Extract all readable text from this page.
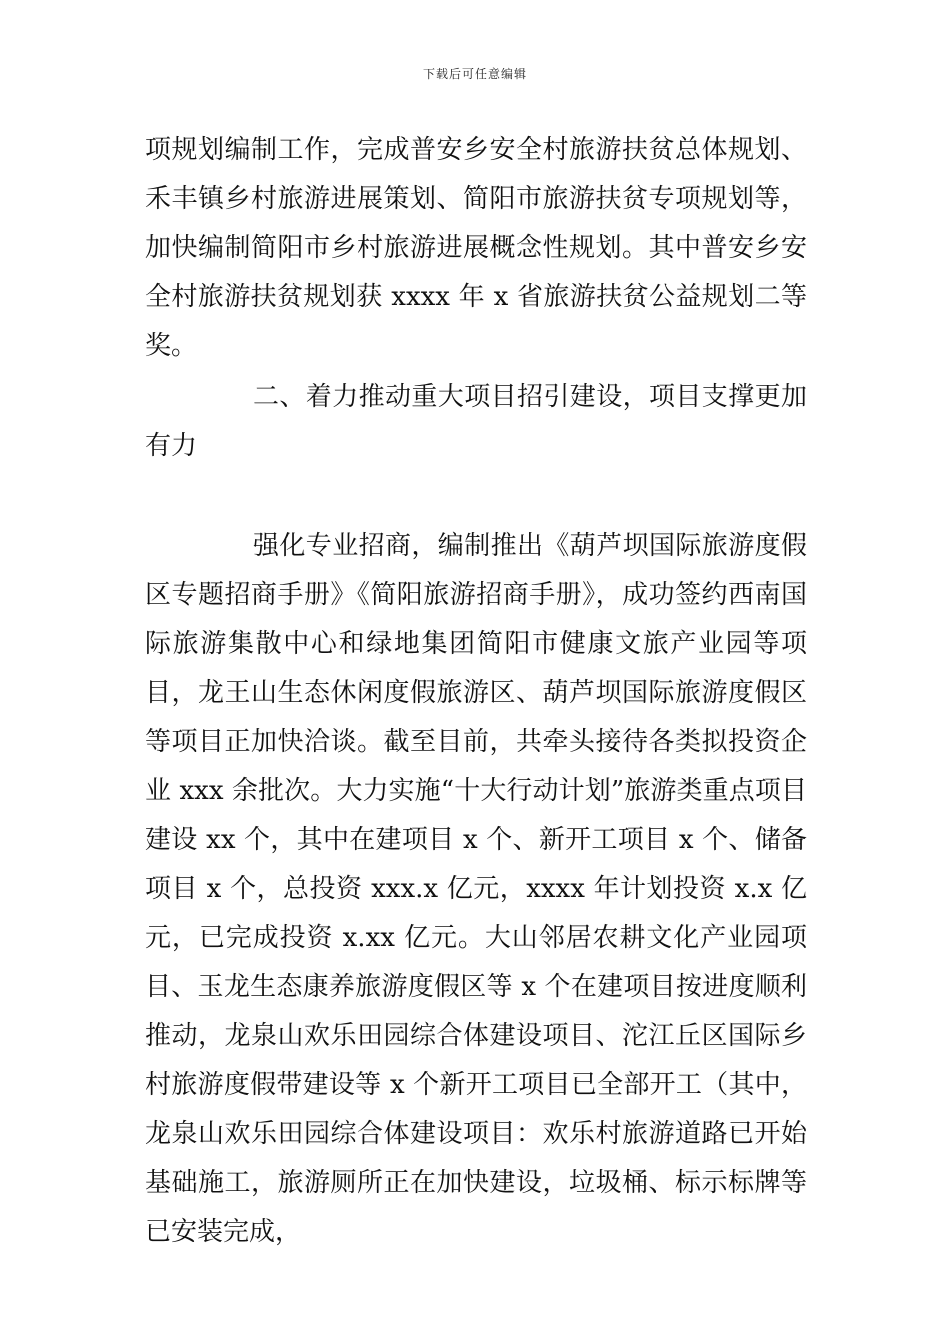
下载后可任意编辑

项规划编制工作，完成普安乡安全村旅游扶贫总体规划、禾丰镇乡村旅游进展策划、简阳市旅游扶贫专项规划等，加快编制简阳市乡村旅游进展概念性规划。其中普安乡安全村旅游扶贫规划获 xxxx 年 x 省旅游扶贫公益规划二等奖。

二、着力推动重大项目招引建设，项目支撑更加有力

强化专业招商，编制推出《葫芦坝国际旅游度假区专题招商手册》《简阳旅游招商手册》，成功签约西南国际旅游集散中心和绿地集团简阳市健康文旅产业园等项目，龙王山生态休闲度假旅游区、葫芦坝国际旅游度假区等项目正加快洽谈。截至目前，共牵头接待各类拟投资企业 xxx 余批次。大力实施“十大行动计划”旅游类重点项目建设 xx 个，其中在建项目 x 个、新开工项目 x 个、储备项目 x 个，总投资 xxx.x 亿元，xxxx 年计划投资 x.x 亿元，已完成投资 x.xx 亿元。大山邻居农耕文化产业园项目、玉龙生态康养旅游度假区等 x 个在建项目按进度顺利推动，龙泉山欢乐田园综合体建设项目、沱江丘区国际乡村旅游度假带建设等 x 个新开工项目已全部开工（其中，龙泉山欢乐田园综合体建设项目：欢乐村旅游道路已开始基础施工，旅游厕所正在加快建设，垃圾桶、标示标牌等已安装完成，
